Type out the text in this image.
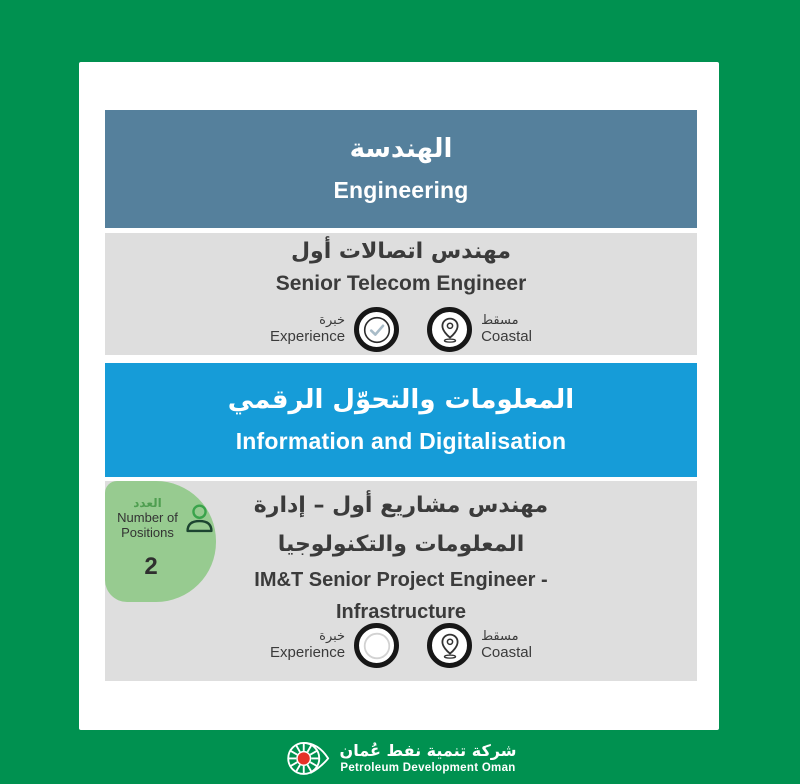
الهندسة
Engineering
مهندس اتصالات أول
Senior Telecom Engineer
خبرة
Experience
مسقط
Coastal
المعلومات والتحوّل الرقمي
Information and Digitalisation
العدد
Number of
Positions
2
مهندس مشاريع أول – إدارة
المعلومات والتكنولوجيا
IM&T Senior Project Engineer -
Infrastructure
خبرة
Experience
مسقط
Coastal
شركة تنمية نفط عُمان
Petroleum Development Oman
